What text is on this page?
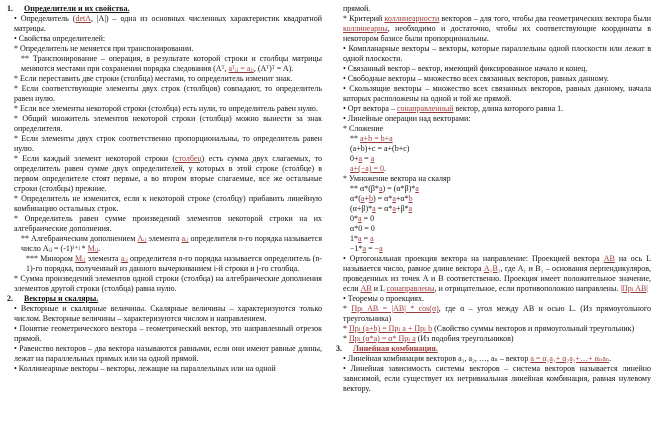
1. Определители и их свойства.

• Определитель (detA, |A|) – одна из основных численных характеристик квадратной матрицы.

• Свойства определителей:

* Определитель не меняется при транспонировании.

** Транспонирование – операция, в результате которой строки и столбцы матрицы меняются местами при сохранении порядка следования (Aᵀ, aᵀᵢⱼ = aⱼᵢ, (Aᵀ)ᵀ = A).

* Если переставить две строки (столбца) местами, то определитель изменит знак.

* Если соответствующие элементы двух строк (столбцов) совпадают, то определитель равен нулю.

* Если все элементы некоторой строки (столбца) есть нули, то определитель равен нулю.

* Общий множитель элементов некоторой строки (столбца) можно вынести за знак определителя.

* Если элементы двух строк соответственно пропорциональны, то определитель равен нулю.

* Если каждый элемент некоторой строки (столбец) есть сумма двух слагаемых, то определитель равен сумме двух определителей, у которых в этой строке (столбце) в первом определителе стоят первые, а во втором вторые слагаемые, все же остальные строки (столбцы) прежние.

* Определитель не изменится, если к некоторой строке (столбцу) прибавить линейную комбинацию остальных строк.

* Определитель равен сумме произведений элементов некоторой строки на их алгебраические дополнения.

** Алгебраическим дополнением Aᵢⱼ элемента aᵢⱼ определителя n-го порядка называется число Aᵢⱼ = (-1)ⁱ⁺ʲ * Mᵢⱼ.

*** Минором Mᵢⱼ элемента aᵢⱼ определителя n-го порядка называется определитель (n-1)-го порядка, полученный из данного вычеркиванием i-й строки и j-го столбца.

* Сумма произведений элементов одной строки (столбца) на алгебраические дополнения элементов другой строки (столбца) равна нулю.

2. Векторы и скаляры.

• Векторные и скалярные величины. Скалярные величины – характеризуются только числом. Векторные величины – характеризуются числом и направлением.

• Понятие геометрического вектора – геометрический вектор, это направленный отрезок прямой.

• Равенство векторов – два вектора называются равными, если они имеют равные длины, лежат на параллельных прямых или на одной прямой.

• Коллинеарные векторы – векторы, лежащие на параллельных или на одной

прямой.

* Критерий коллинеарности векторов – для того, чтобы два геометрических вектора были коллинеарны, необходимо и достаточно, чтобы их соответствующие координаты в некотором базисе были пропорциональны.

• Компланарные векторы – векторы, которые параллельны одной плоскости или лежат в одной плоскости.

• Связанный вектор – вектор, имеющий фиксированное начало и конец.

• Свободные векторы – множество всех связанных векторов, равных данному.

• Скользящие векторы – множество всех связанных векторов, равных данному, начала которых расположены на одной и той же прямой.

• Орт вектора – сонаправленный вектор, длина которого равна 1.

• Линейные операции над векторами:

* Сложение

** a+b = b+a

(a+b)+c = a+(b+c)

0+a = a

a+(−a) = 0.

* Умножение вектора на скаляр

** α*(β*a) = (α*β)*a

α*(a+b) = α*a+α*b

(α+β)*a = α*a+β*a

0*a = 0

α*0 = 0

1*a = a

−1*a = −a

• Ортогональная проекция вектора на направление: Проекцией вектора AB на ось L называется число, равное длине вектора A₁B₁, где A₁ и B₁ – основания перпендикуляров, проведенных из точек A и B соответственно. Проекция имеет положительное значение, если AB и L сонаправлены, и отрицательное, если противоположно направлены. |Прₗ AB|

• Теоремы о проекциях.

* Прₗ AB = |AB| * cos(α), где α – угол между AB и осью L. (Из прямоугольного треугольника)

* Прₗ (a+b) = Прₗ a + Прₗ b (Свойство суммы векторов и прямоугольный треугольник)

* Прₗ (α*a) = α* Прₗ a (Из подобия треугольников)

3. Линейная комбинация.

• Линейная комбинация векторов a₁, a₂, …, aₙ – вектор a = α₁a₁+ α₂a₂+…+ αₙaₙ.

• Линейная зависимость системы векторов – система векторов называется линейно зависимой, если существует их нетривиальная линейная комбинация, равная нулевому вектору.
